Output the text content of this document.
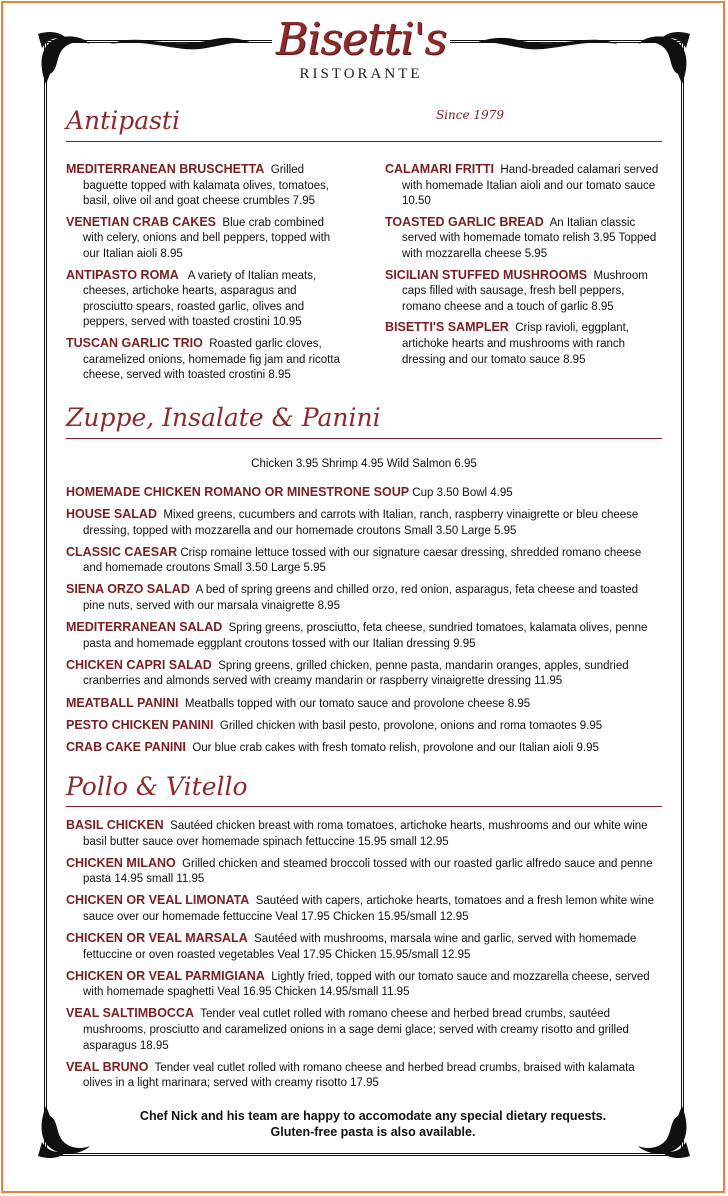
Bisetti's
RISTORANTE
Since 1979
Antipasti
MEDITERRANEAN BRUSCHETTA Grilled baguette topped with kalamata olives, tomatoes, basil, olive oil and goat cheese crumbles 7.95
VENETIAN CRAB CAKES Blue crab combined with celery, onions and bell peppers, topped with our Italian aioli 8.95
ANTIPASTO ROMA A variety of Italian meats, cheeses, artichoke hearts, asparagus and prosciutto spears, roasted garlic, olives and peppers, served with toasted crostini 10.95
TUSCAN GARLIC TRIO Roasted garlic cloves, caramelized onions, homemade fig jam and ricotta cheese, served with toasted crostini 8.95
CALAMARI FRITTI Hand-breaded calamari served with homemade Italian aioli and our tomato sauce 10.50
TOASTED GARLIC BREAD An Italian classic served with homemade tomato relish 3.95 Topped with mozzarella cheese 5.95
SICILIAN STUFFED MUSHROOMS Mushroom caps filled with sausage, fresh bell peppers, romano cheese and a touch of garlic 8.95
BISETTI'S SAMPLER Crisp ravioli, eggplant, artichoke hearts and mushrooms with ranch dressing and our tomato sauce 8.95
Zuppe, Insalate & Panini
Chicken 3.95 Shrimp 4.95 Wild Salmon 6.95
HOMEMADE CHICKEN ROMANO OR MINESTRONE SOUP Cup 3.50 Bowl 4.95
HOUSE SALAD Mixed greens, cucumbers and carrots with Italian, ranch, raspberry vinaigrette or bleu cheese dressing, topped with mozzarella and our homemade croutons Small 3.50 Large 5.95
CLASSIC CAESAR Crisp romaine lettuce tossed with our signature caesar dressing, shredded romano cheese and homemade croutons Small 3.50 Large 5.95
SIENA ORZO SALAD A bed of spring greens and chilled orzo, red onion, asparagus, feta cheese and toasted pine nuts, served with our marsala vinaigrette 8.95
MEDITERRANEAN SALAD Spring greens, prosciutto, feta cheese, sundried tomatoes, kalamata olives, penne pasta and homemade eggplant croutons tossed with our Italian dressing 9.95
CHICKEN CAPRI SALAD Spring greens, grilled chicken, penne pasta, mandarin oranges, apples, sundried cranberries and almonds served with creamy mandarin or raspberry vinaigrette dressing 11.95
MEATBALL PANINI Meatballs topped with our tomato sauce and provolone cheese 8.95
PESTO CHICKEN PANINI Grilled chicken with basil pesto, provolone, onions and roma tomaotes 9.95
CRAB CAKE PANINI Our blue crab cakes with fresh tomato relish, provolone and our Italian aioli 9.95
Pollo & Vitello
BASIL CHICKEN Sautéed chicken breast with roma tomatoes, artichoke hearts, mushrooms and our white wine basil butter sauce over homemade spinach fettuccine 15.95 small 12.95
CHICKEN MILANO Grilled chicken and steamed broccoli tossed with our roasted garlic alfredo sauce and penne pasta 14.95 small 11.95
CHICKEN OR VEAL LIMONATA Sautéed with capers, artichoke hearts, tomatoes and a fresh lemon white wine sauce over our homemade fettuccine Veal 17.95 Chicken 15.95/small 12.95
CHICKEN OR VEAL MARSALA Sautéed with mushrooms, marsala wine and garlic, served with homemade fettuccine or oven roasted vegetables Veal 17.95 Chicken 15.95/small 12.95
CHICKEN OR VEAL PARMIGIANA Lightly fried, topped with our tomato sauce and mozzarella cheese, served with homemade spaghetti Veal 16.95 Chicken 14.95/small 11.95
VEAL SALTIMBOCCA Tender veal cutlet rolled with romano cheese and herbed bread crumbs, sautéed mushrooms, prosciutto and caramelized onions in a sage demi glace; served with creamy risotto and grilled asparagus 18.95
VEAL BRUNO Tender veal cutlet rolled with romano cheese and herbed bread crumbs, braised with kalamata olives in a light marinara; served with creamy risotto 17.95
Chef Nick and his team are happy to accomodate any special dietary requests.
Gluten-free pasta is also available.
